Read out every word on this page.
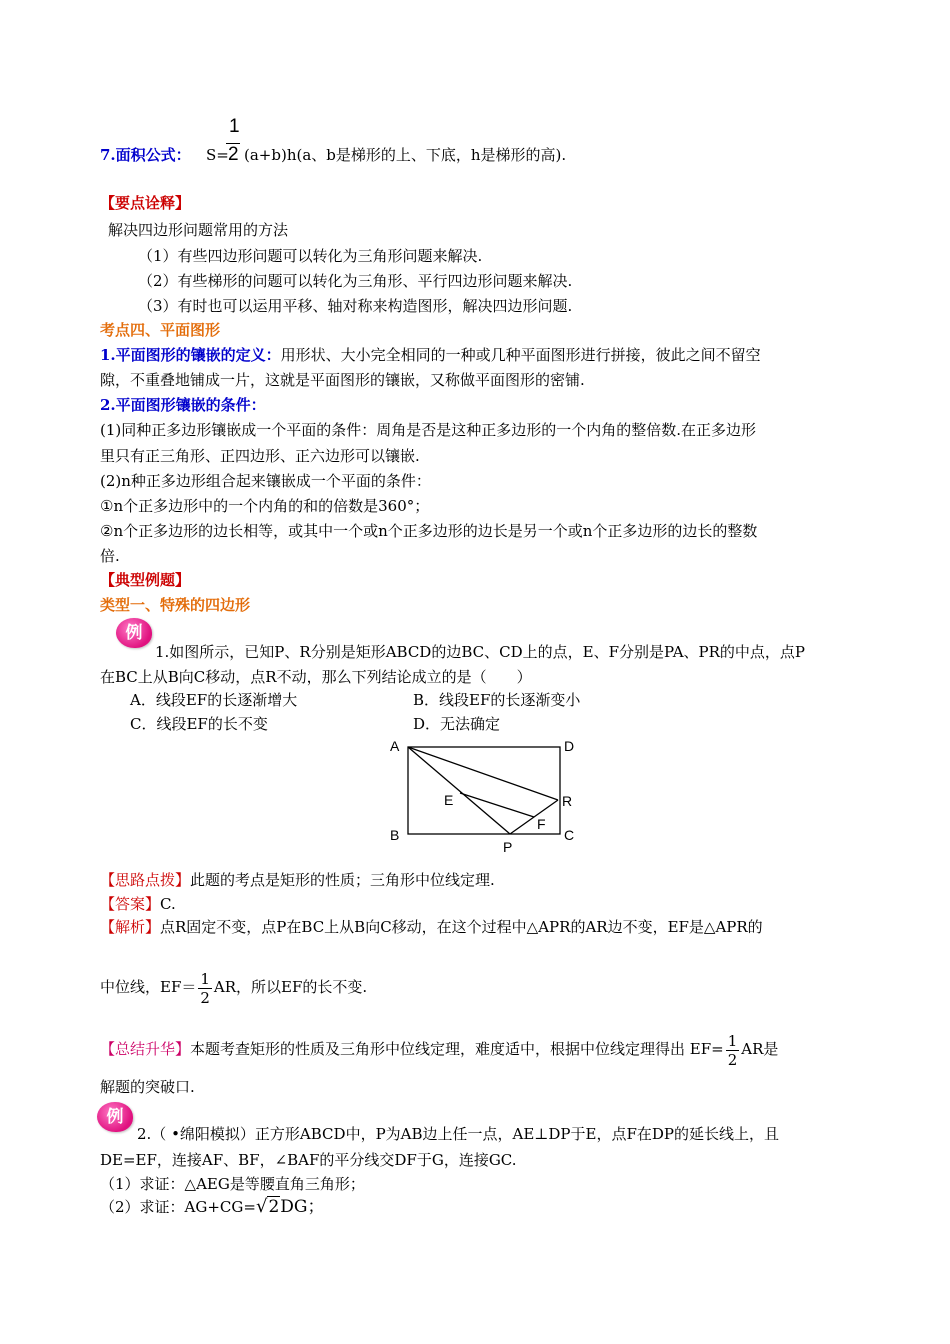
7.面积公式： S=
1
2 (a+b)h(a、b是梯形的上、下底，h是梯形的高).
【要点诠释】
解决四边形问题常用的方法
（1）有些四边形问题可以转化为三角形问题来解决.
（2）有些梯形的问题可以转化为三角形、平行四边形问题来解决.
（3）有时也可以运用平移、轴对称来构造图形，解决四边形问题.
考点四、平面图形
1.平面图形的镶嵌的定义：用形状、大小完全相同的一种或几种平面图形进行拼接，彼此之间不留空
隙，不重叠地铺成一片，这就是平面图形的镶嵌，又称做平面图形的密铺.
2.平面图形镶嵌的条件：
(1)同种正多边形镶嵌成一个平面的条件：周角是否是这种正多边形的一个内角的整倍数.在正多边形
里只有正三角形、正四边形、正六边形可以镶嵌.
(2)n种正多边形组合起来镶嵌成一个平面的条件：
①n个正多边形中的一个内角的和的倍数是360°；
②n个正多边形的边长相等，或其中一个或n个正多边形的边长是另一个或n个正多边形的边长的整数
倍.
【典型例题】
类型一、特殊的四边形
例
1.如图所示，已知P、R分别是矩形ABCD的边BC、CD上的点，E、F分别是PA、PR的中点，点P
在BC上从B向C移动，点R不动，那么下列结论成立的是（　　）
A．线段EF的长逐渐增大	B．线段EF的长逐渐变小
C．线段EF的长不变	D．无法确定
A	D
B	C
E
F
R
P
【思路点拨】此题的考点是矩形的性质；三角形中位线定理.
【答案】C.
【解析】点R固定不变，点P在BC上从B向C移动，在这个过程中△APR的AR边不变，EF是△APR的
中位线，$EF= \frac{1}{2}$ AR，所以EF的长不变.
【总结升华】本题考查矩形的性质及三角形中位线定理，难度适中，根据中位线定理得出 $EF= \frac{1}{2}$ AR是
解题的突破口.
例
2.（ •绵阳模拟）正方形ABCD中，P为AB边上任一点，AE⊥DP于E，点F在DP的延长线上，且
DE=EF，连接AF、BF，∠BAF的平分线交DF于G，连接GC.
（1）求证：△AEG是等腰直角三角形；
（2）求证：AG+CG=√2DG；
